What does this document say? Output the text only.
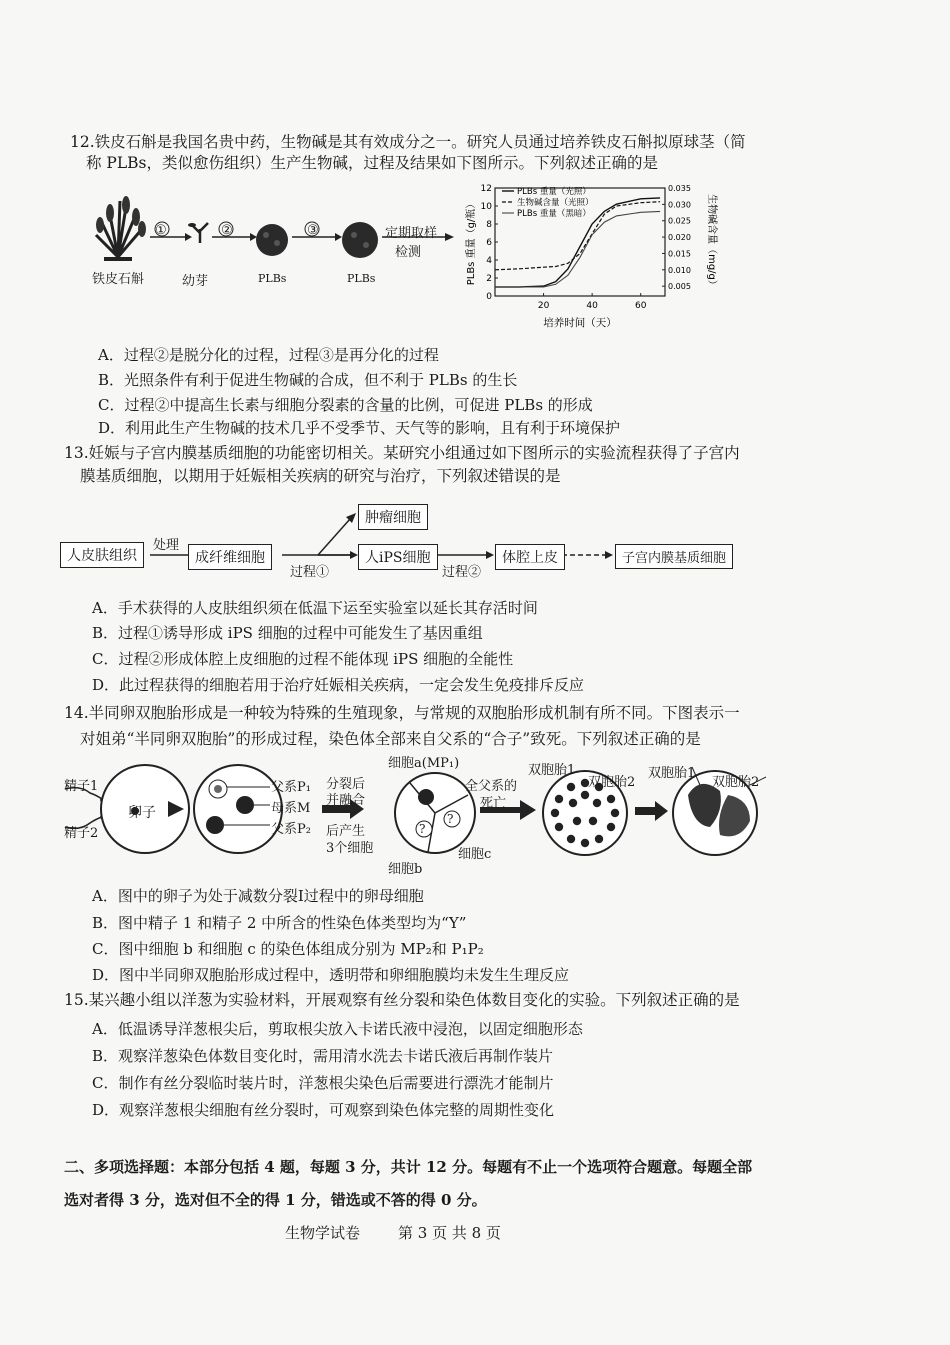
12.铁皮石斛是我国名贵中药，生物碱是其有效成分之一。研究人员通过培养铁皮石斛拟原球茎（简
称 PLBs，类似愈伤组织）生产生物碱，过程及结果如下图所示。下列叙述正确的是
①	②	③	定期取样
检测
铁皮石斛	幼芽	PLBs	PLBs
0
2
4
6
8
10
12
0.005
0.010
0.015
0.020
0.025
0.030
0.035
20	40	60
PLBs 重量（光照）
生物碱含量（光照）
PLBs 重量（黑暗）
PLBs 重量（g/瓶）	生物碱含量（mg/g）
培养时间（天）
A．过程②是脱分化的过程，过程③是再分化的过程
B．光照条件有利于促进生物碱的合成，但不利于 PLBs 的生长
C．过程②中提高生长素与细胞分裂素的含量的比例，可促进 PLBs 的形成
D．利用此生产生物碱的技术几乎不受季节、天气等的影响，且有利于环境保护
13.妊娠与子宫内膜基质细胞的功能密切相关。某研究小组通过如下图所示的实验流程获得了子宫内
膜基质细胞，以期用于妊娠相关疾病的研究与治疗，下列叙述错误的是
人皮肤组织
处理
成纤维细胞
肿瘤细胞
人iPS细胞
过程①	过程②
体腔上皮	子宫内膜基质细胞
A．手术获得的人皮肤组织须在低温下运至实验室以延长其存活时间
B．过程①诱导形成 iPS 细胞的过程中可能发生了基因重组
C．过程②形成体腔上皮细胞的过程不能体现 iPS 细胞的全能性
D．此过程获得的细胞若用于治疗妊娠相关疾病，一定会发生免疫排斥反应
14.半同卵双胞胎形成是一种较为特殊的生殖现象，与常规的双胞胎形成机制有所不同。下图表示一
对姐弟“半同卵双胞胎”的形成过程，染色体全部来自父系的“合子”致死。下列叙述正确的是
精子1
精子2
卵子
父系P₁
母系M
父系P₂
分裂后
并融合
后产生
3个细胞
细胞a(MP₁)
细胞b
细胞c
?
?
全父系的
死亡
双胞胎1
双胞胎2
双胞胎1
双胞胎2
A．图中的卵子为处于减数分裂Ⅰ过程中的卵母细胞
B．图中精子 1 和精子 2 中所含的性染色体类型均为“Y”
C．图中细胞 b 和细胞 c 的染色体组成分别为 MP₂和 P₁P₂
D．图中半同卵双胞胎形成过程中，透明带和卵细胞膜均未发生生理反应
15.某兴趣小组以洋葱为实验材料，开展观察有丝分裂和染色体数目变化的实验。下列叙述正确的是
A．低温诱导洋葱根尖后，剪取根尖放入卡诺氏液中浸泡，以固定细胞形态
B．观察洋葱染色体数目变化时，需用清水洗去卡诺氏液后再制作装片
C．制作有丝分裂临时装片时，洋葱根尖染色后需要进行漂洗才能制片
D．观察洋葱根尖细胞有丝分裂时，可观察到染色体完整的周期性变化
二、多项选择题：本部分包括 4 题，每题 3 分，共计 12 分。每题有不止一个选项符合题意。每题全部
选对者得 3 分，选对但不全的得 1 分，错选或不答的得 0 分。
生物学试卷	第 3 页 共 8 页
